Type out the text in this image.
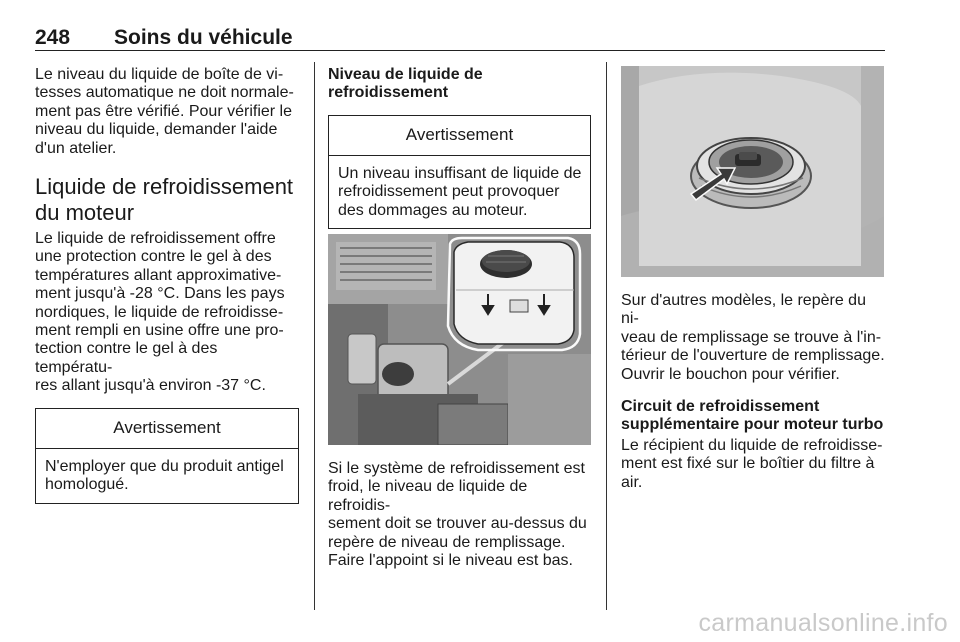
248 Soins du véhicule

Le niveau du liquide de boîte de vi-
tesses automatique ne doit normale-
ment pas être vérifié. Pour vérifier le
niveau du liquide, demander l'aide
d'un atelier.

Liquide de refroidissement
du moteur

Le liquide de refroidissement offre
une protection contre le gel à des
températures allant approximative-
ment jusqu'à -28 °C. Dans les pays
nordiques, le liquide de refroidisse-
ment rempli en usine offre une pro-
tection contre le gel à des températu-
res allant jusqu'à environ -37 °C.

Avertissement
N'employer que du produit antigel
homologué.
Niveau de liquide de
refroidissement
Avertissement
Un niveau insuffisant de liquide de
refroidissement peut provoquer
des dommages au moteur.

Si le système de refroidissement est
froid, le niveau de liquide de refroidis-
sement doit se trouver au-dessus du
repère de niveau de remplissage.
Faire l'appoint si le niveau est bas.

Sur d'autres modèles, le repère du ni-
veau de remplissage se trouve à l'in-
térieur de l'ouverture de remplissage.
Ouvrir le bouchon pour vérifier.

Circuit de refroidissement
supplémentaire pour moteur turbo

Le récipient du liquide de refroidisse-
ment est fixé sur le boîtier du filtre à
air.

carmanualsonline.info
